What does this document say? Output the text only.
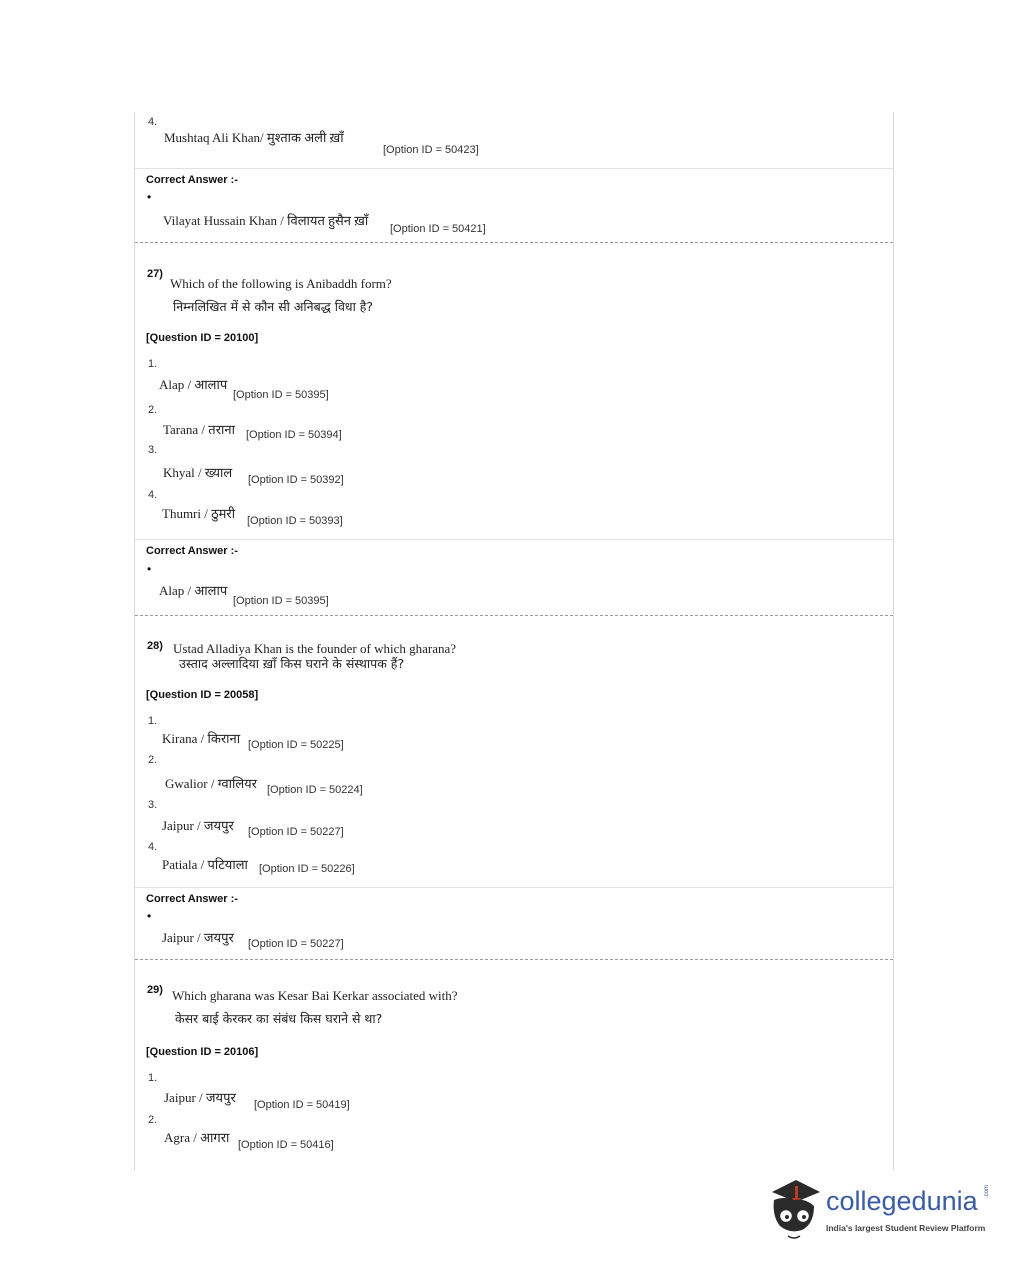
4.
Mushtaq Ali Khan/ मुश्ताक अली ख़ाँ
[Option ID = 50423]
Correct Answer :-
•
Vilayat Hussain Khan / विलायत हुसैन ख़ाँ
[Option ID = 50421]
27)
Which of the following is Anibaddh form?
निम्नलिखित में से कौन सी अनिबद्ध विधा है?
[Question ID = 20100]
1.
Alap / आलाप
[Option ID = 50395]
2.
Tarana / तराना [Option ID = 50394]
3.
Khyal / ख्याल [Option ID = 50392]
4.
Thumri / ठुमरी [Option ID = 50393]
Correct Answer :-
•
Alap / आलाप
[Option ID = 50395]
28) Ustad Alladiya Khan is the founder of which gharana?
उस्ताद अल्लादिया ख़ाँ किस घराने के संस्थापक हैं?
[Question ID = 20058]
1.
Kirana / किराना [Option ID = 50225]
2.
Gwalior / ग्वालियर [Option ID = 50224]
3.
Jaipur / जयपुर [Option ID = 50227]
4.
Patiala / पटियाला [Option ID = 50226]
Correct Answer :-
•
Jaipur / जयपुर [Option ID = 50227]
29) Which gharana was Kesar Bai Kerkar associated with?
केसर बाई केरकर का संबंध किस घराने से था?
[Question ID = 20106]
1.
Jaipur / जयपुर [Option ID = 50419]
2.
Agra / आगरा [Option ID = 50416]
collegedunia .com
India's largest Student Review Platform
